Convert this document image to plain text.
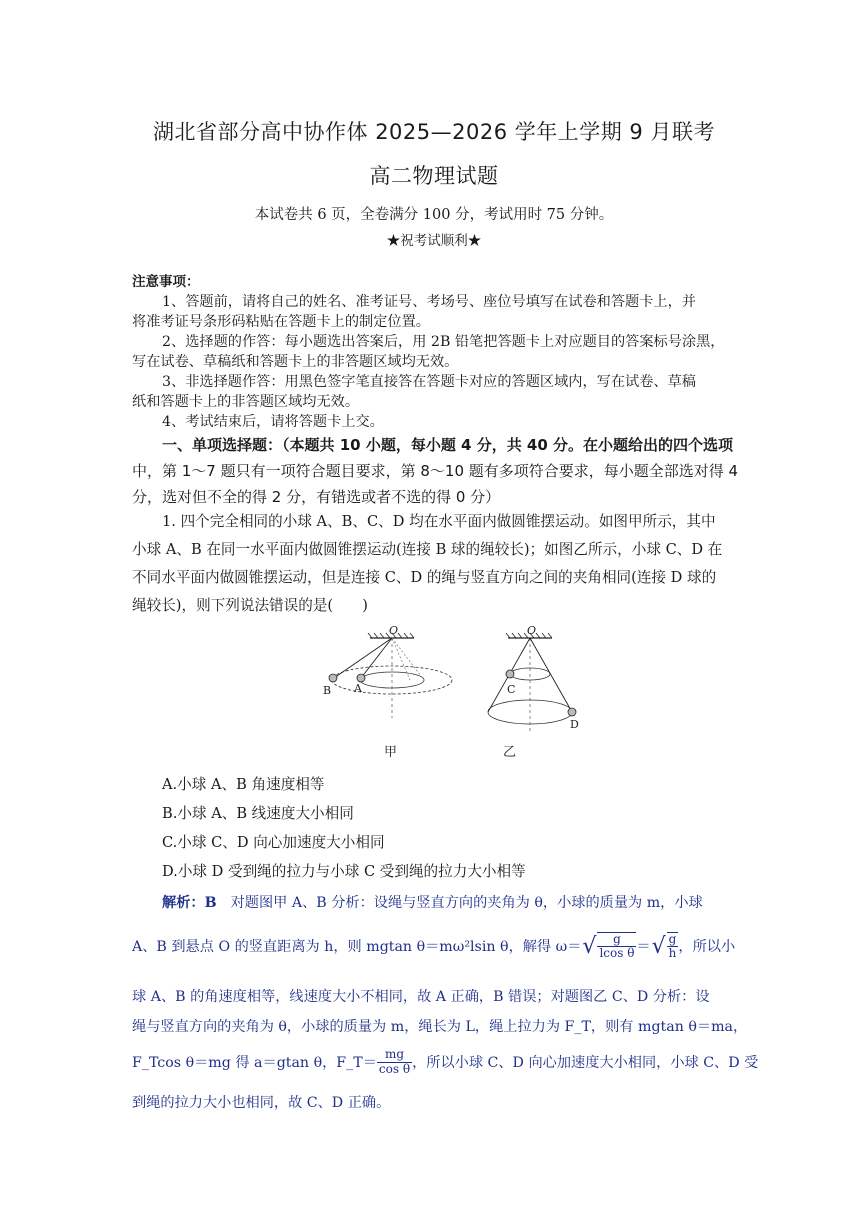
湖北省部分高中协作体 2025—2026 学年上学期 9 月联考
高二物理试题
本试卷共 6 页，全卷满分 100 分，考试用时 75 分钟。
★祝考试顺利★
注意事项：
1、答题前，请将自己的姓名、准考证号、考场号、座位号填写在试卷和答题卡上，并
将准考证号条形码粘贴在答题卡上的制定位置。
2、选择题的作答：每小题选出答案后，用 2B 铅笔把答题卡上对应题目的答案标号涂黑，
写在试卷、草稿纸和答题卡上的非答题区域均无效。
3、非选择题作答：用黑色签字笔直接答在答题卡对应的答题区域内，写在试卷、草稿
纸和答题卡上的非答题区域均无效。
4、考试结束后，请将答题卡上交。
一、单项选择题：（本题共 10 小题，每小题 4 分，共 40 分。在小题给出的四个选项
中，第 1～7 题只有一项符合题目要求，第 8～10 题有多项符合要求，每小题全部选对得 4
分，选对但不全的得 2 分，有错选或者不选的得 0 分）
1. 四个完全相同的小球 A、B、C、D 均在水平面内做圆锥摆运动。如图甲所示，其中
小球 A、B 在同一水平面内做圆锥摆运动(连接 B 球的绳较长)；如图乙所示，小球 C、D 在
不同水平面内做圆锥摆运动，但是连接 C、D 的绳与竖直方向之间的夹角相同(连接 D 球的
绳较长)，则下列说法错误的是(　　)
O
B A
甲
O
C
D
乙
A.小球 A、B 角速度相等
B.小球 A、B 线速度大小相同
C.小球 C、D 向心加速度大小相同
D.小球 D 受到绳的拉力与小球 C 受到绳的拉力大小相等
解析：B 对题图甲 A、B 分析：设绳与竖直方向的夹角为 θ，小球的质量为 m，小球
A、B 到悬点 O 的竖直距离为 h，则 mgtan θ＝mω²lsin θ，解得 ω＝ √ $\frac{g}{\text{lcos θ}}$ ＝ √ $\frac{g}{h}$ ，所以小
球 A、B 的角速度相等，线速度大小不相同，故 A 正确，B 错误；对题图乙 C、D 分析：设
绳与竖直方向的夹角为 θ，小球的质量为 m，绳长为 L，绳上拉力为 F_T，则有 mgtan θ＝ma，
F_Tcos θ＝mg 得 a＝gtan θ，F_T＝ $\frac{mg}{\text{cos θ}}$ ，所以小球 C、D 向心加速度大小相同，小球 C、D 受
到绳的拉力大小也相同，故 C、D 正确。
